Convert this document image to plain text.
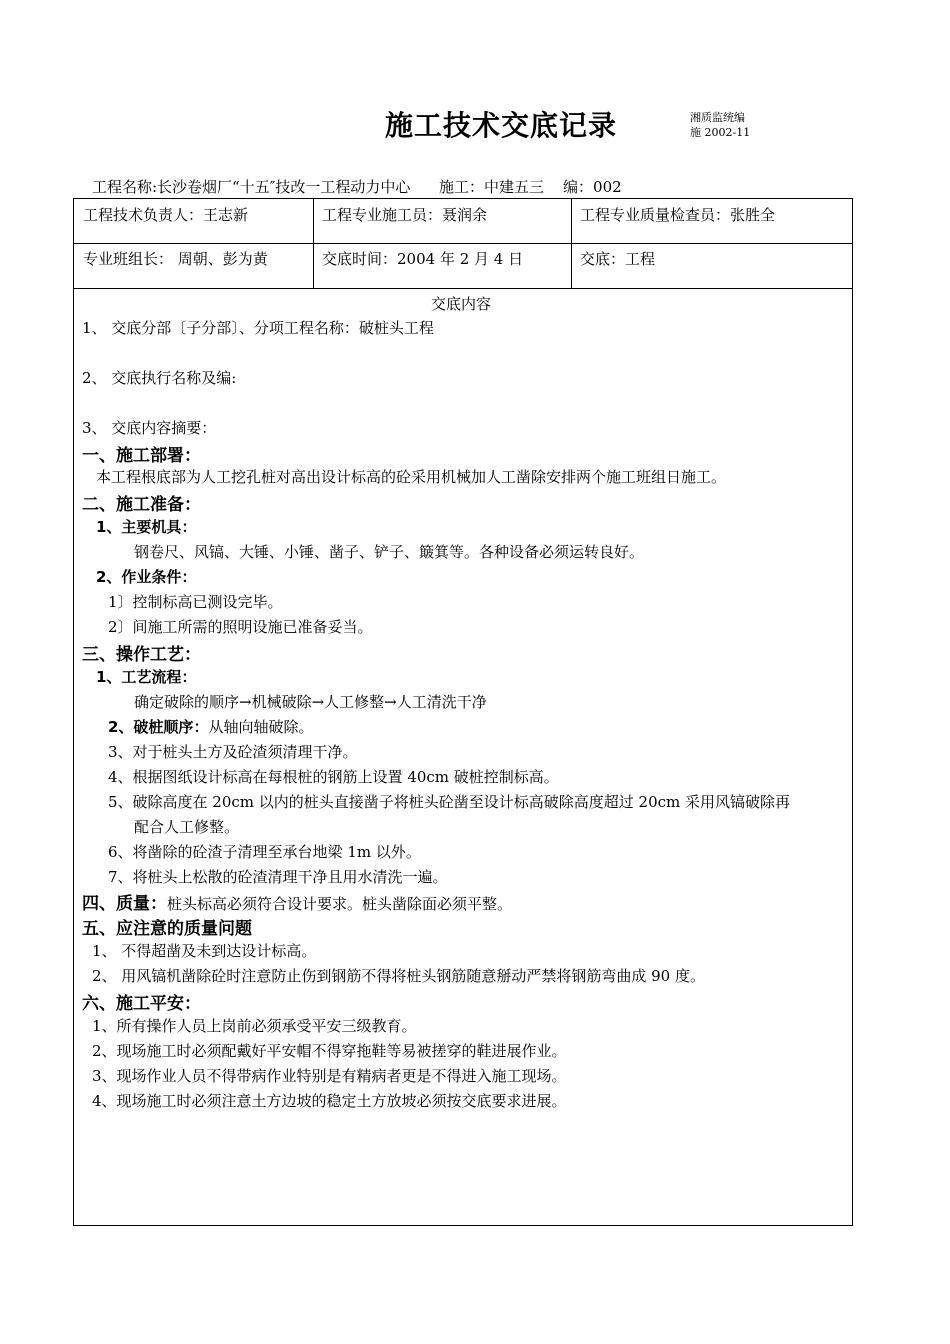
施工技术交底记录	湘质监统编
施 2002-11
工程名称:长沙卷烟厂“十五″技改一工程动力中心 施工：中建五三 编：002
工程技术负责人：王志新	工程专业施工员：聂润余	工程专业质量检查员：张胜全
专业班组长： 周朝、彭为黄	交底时间：2004 年 2 月 4 日	交底：工程
交底内容
1、 交底分部〔子分部〕、分项工程名称：破桩头工程
2、 交底执行名称及编:
3、 交底内容摘要：
一、施工部署：
本工程根底部为人工挖孔桩对高出设计标高的砼采用机械加人工凿除安排两个施工班组日施工。
二、施工准备：
1、主要机具：
钢卷尺、风镐、大锤、小锤、凿子、铲子、簸箕等。各种设备必须运转良好。
2、作业条件：
1〕控制标高已测设完毕。
2〕间施工所需的照明设施已准备妥当。
三、操作工艺：
1、工艺流程：
确定破除的顺序→机械破除→人工修整→人工清洗干净
2、破桩顺序：从轴向轴破除。
3、对于桩头土方及砼渣须清理干净。
4、根据图纸设计标高在每根桩的钢筋上设置 40cm 破桩控制标高。
5、破除高度在 20cm 以内的桩头直接凿子将桩头砼凿至设计标高破除高度超过 20cm 采用风镐破除再
配合人工修整。
6、将凿除的砼渣子清理至承台地梁 1m 以外。
7、将桩头上松散的砼渣清理干净且用水清洗一遍。
四、质量：桩头标高必须符合设计要求。桩头凿除面必须平整。
五、应注意的质量问题
1、 不得超凿及未到达设计标高。
2、 用风镐机凿除砼时注意防止伤到钢筋不得将桩头钢筋随意掰动严禁将钢筋弯曲成 90 度。
六、施工平安：
1、所有操作人员上岗前必须承受平安三级教育。
2、现场施工时必须配戴好平安帽不得穿拖鞋等易被搓穿的鞋进展作业。
3、现场作业人员不得带病作业特别是有精病者更是不得进入施工现场。
4、现场施工时必须注意土方边坡的稳定土方放坡必须按交底要求进展。
